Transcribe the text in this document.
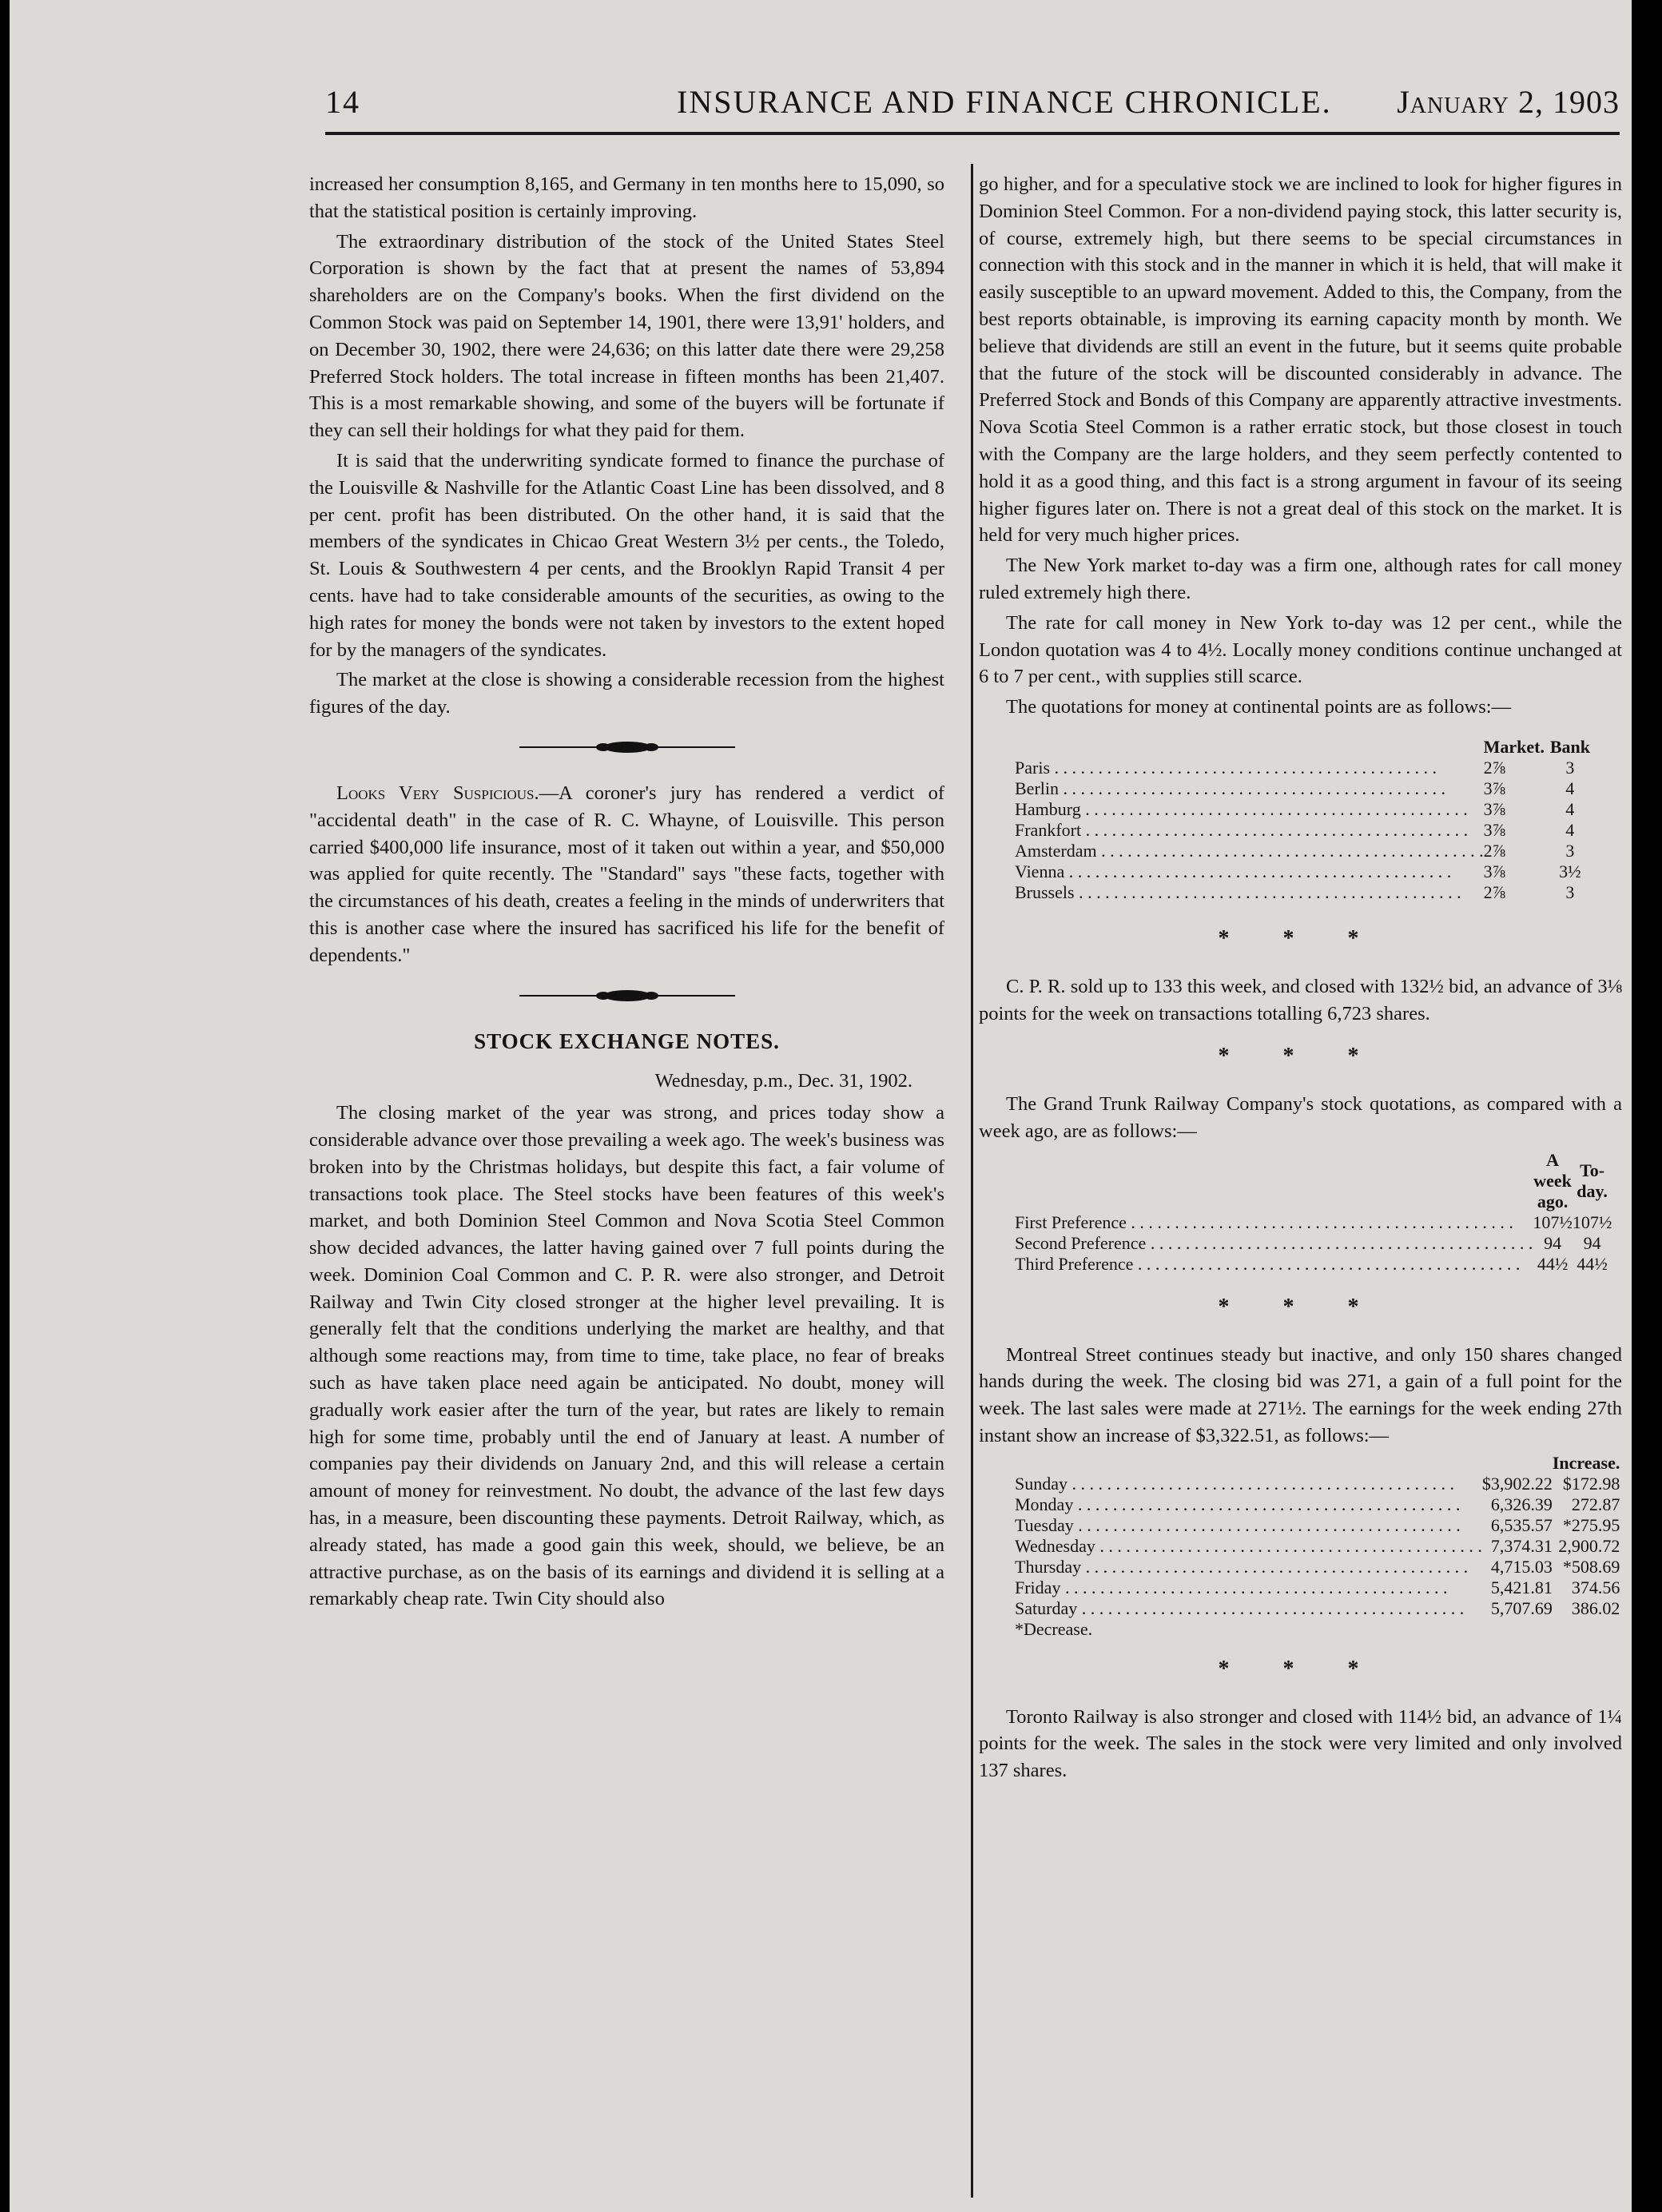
14	INSURANCE AND FINANCE CHRONICLE. January 2, 1903

increased her consumption 8,165, and Germany in ten months here to 15,090, so that the statistical position is certainly improving.

The extraordinary distribution of the stock of the United States Steel Corporation is shown by the fact that at present the names of 53,894 shareholders are on the Company's books. When the first dividend on the Common Stock was paid on September 14, 1901, there were 13,91' holders, and on December 30, 1902, there were 24,636; on this latter date there were 29,258 Preferred Stock holders. The total increase in fifteen months has been 21,407. This is a most remarkable showing, and some of the buyers will be fortunate if they can sell their holdings for what they paid for them.

It is said that the underwriting syndicate formed to finance the purchase of the Louisville & Nashville for the Atlantic Coast Line has been dissolved, and 8 per cent. profit has been distributed. On the other hand, it is said that the members of the syndicates in Chicao Great Western 3½ per cents., the Toledo, St. Louis & Southwestern 4 per cents, and the Brooklyn Rapid Transit 4 per cents. have had to take considerable amounts of the securities, as owing to the high rates for money the bonds were not taken by investors to the extent hoped for by the managers of the syndicates.

The market at the close is showing a considerable recession from the highest figures of the day.

Looks Very Suspicious.—A coroner's jury has rendered a verdict of "accidental death" in the case of R. C. Whayne, of Louisville. This person carried $400,000 life insurance, most of it taken out within a year, and $50,000 was applied for quite recently. The "Standard" says "these facts, together with the circumstances of his death, creates a feeling in the minds of underwriters that this is another case where the insured has sacrificed his life for the benefit of dependents."

STOCK EXCHANGE NOTES.

Wednesday, p.m., Dec. 31, 1902.

The closing market of the year was strong, and prices today show a considerable advance over those prevailing a week ago. The week's business was broken into by the Christmas holidays, but despite this fact, a fair volume of transactions took place. The Steel stocks have been features of this week's market, and both Dominion Steel Common and Nova Scotia Steel Common show decided advances, the latter having gained over 7 full points during the week. Dominion Coal Common and C. P. R. were also stronger, and Detroit Railway and Twin City closed stronger at the higher level prevailing. It is generally felt that the conditions underlying the market are healthy, and that although some reactions may, from time to time, take place, no fear of breaks such as have taken place need again be anticipated. No doubt, money will gradually work easier after the turn of the year, but rates are likely to remain high for some time, probably until the end of January at least. A number of companies pay their dividends on January 2nd, and this will release a certain amount of money for reinvestment. No doubt, the advance of the last few days has, in a measure, been discounting these payments. Detroit Railway, which, as already stated, has made a good gain this week, should, we believe, be an attractive purchase, as on the basis of its earnings and dividend it is selling at a remarkably cheap rate. Twin City should also

go higher, and for a speculative stock we are inclined to look for higher figures in Dominion Steel Common. For a non-dividend paying stock, this latter security is, of course, extremely high, but there seems to be special circumstances in connection with this stock and in the manner in which it is held, that will make it easily susceptible to an upward movement. Added to this, the Company, from the best reports obtainable, is improving its earning capacity month by month. We believe that dividends are still an event in the future, but it seems quite probable that the future of the stock will be discounted considerably in advance. The Preferred Stock and Bonds of this Company are apparently attractive investments. Nova Scotia Steel Common is a rather erratic stock, but those closest in touch with the Company are the large holders, and they seem perfectly contented to hold it as a good thing, and this fact is a strong argument in favour of its seeing higher figures later on. There is not a great deal of this stock on the market. It is held for very much higher prices.

The New York market to-day was a firm one, although rates for call money ruled extremely high there.

The rate for call money in New York to-day was 12 per cent., while the London quotation was 4 to 4½. Locally money conditions continue unchanged at 6 to 7 per cent., with supplies still scarce.

The quotations for money at continental points are as follows:—

	Market.	Bank
Paris . . .	2⅞	3
Berlin . . .	3⅞	4
Hamburg . . .	3⅞	4
Frankfort . . .	3⅞	4
Amsterdam . . .	2⅞	3
Vienna . . .	3⅞	3½
Brussels . . .	2⅞	3
* * *

C. P. R. sold up to 133 this week, and closed with 132½ bid, an advance of 3⅛ points for the week on transactions totalling 6,723 shares.

* * *

The Grand Trunk Railway Company's stock quotations, as compared with a week ago, are as follows:—

	A week ago.	To-day.
First Preference . . .	107½	107½
Second Preference . . .	94	94
Third Preference . . .	44½	44½
* * *

Montreal Street continues steady but inactive, and only 150 shares changed hands during the week. The closing bid was 271, a gain of a full point for the week. The last sales were made at 271½. The earnings for the week ending 27th instant show an increase of $3,322.51, as follows:—

		Increase.
Sunday . . .	$3,902.22	$172.98
Monday . . .	6,326.39	272.87
Tuesday . . .	6,535.57	*275.95
Wednesday . . .	7,374.31	2,900.72
Thursday . . .	4,715.03	*508.69
Friday . . .	5,421.81	374.56
Saturday . . .	5,707.69	386.02
*Decrease.		
* * *

Toronto Railway is also stronger and closed with 114½ bid, an advance of 1¼ points for the week. The sales in the stock were very limited and only involved 137 shares.
